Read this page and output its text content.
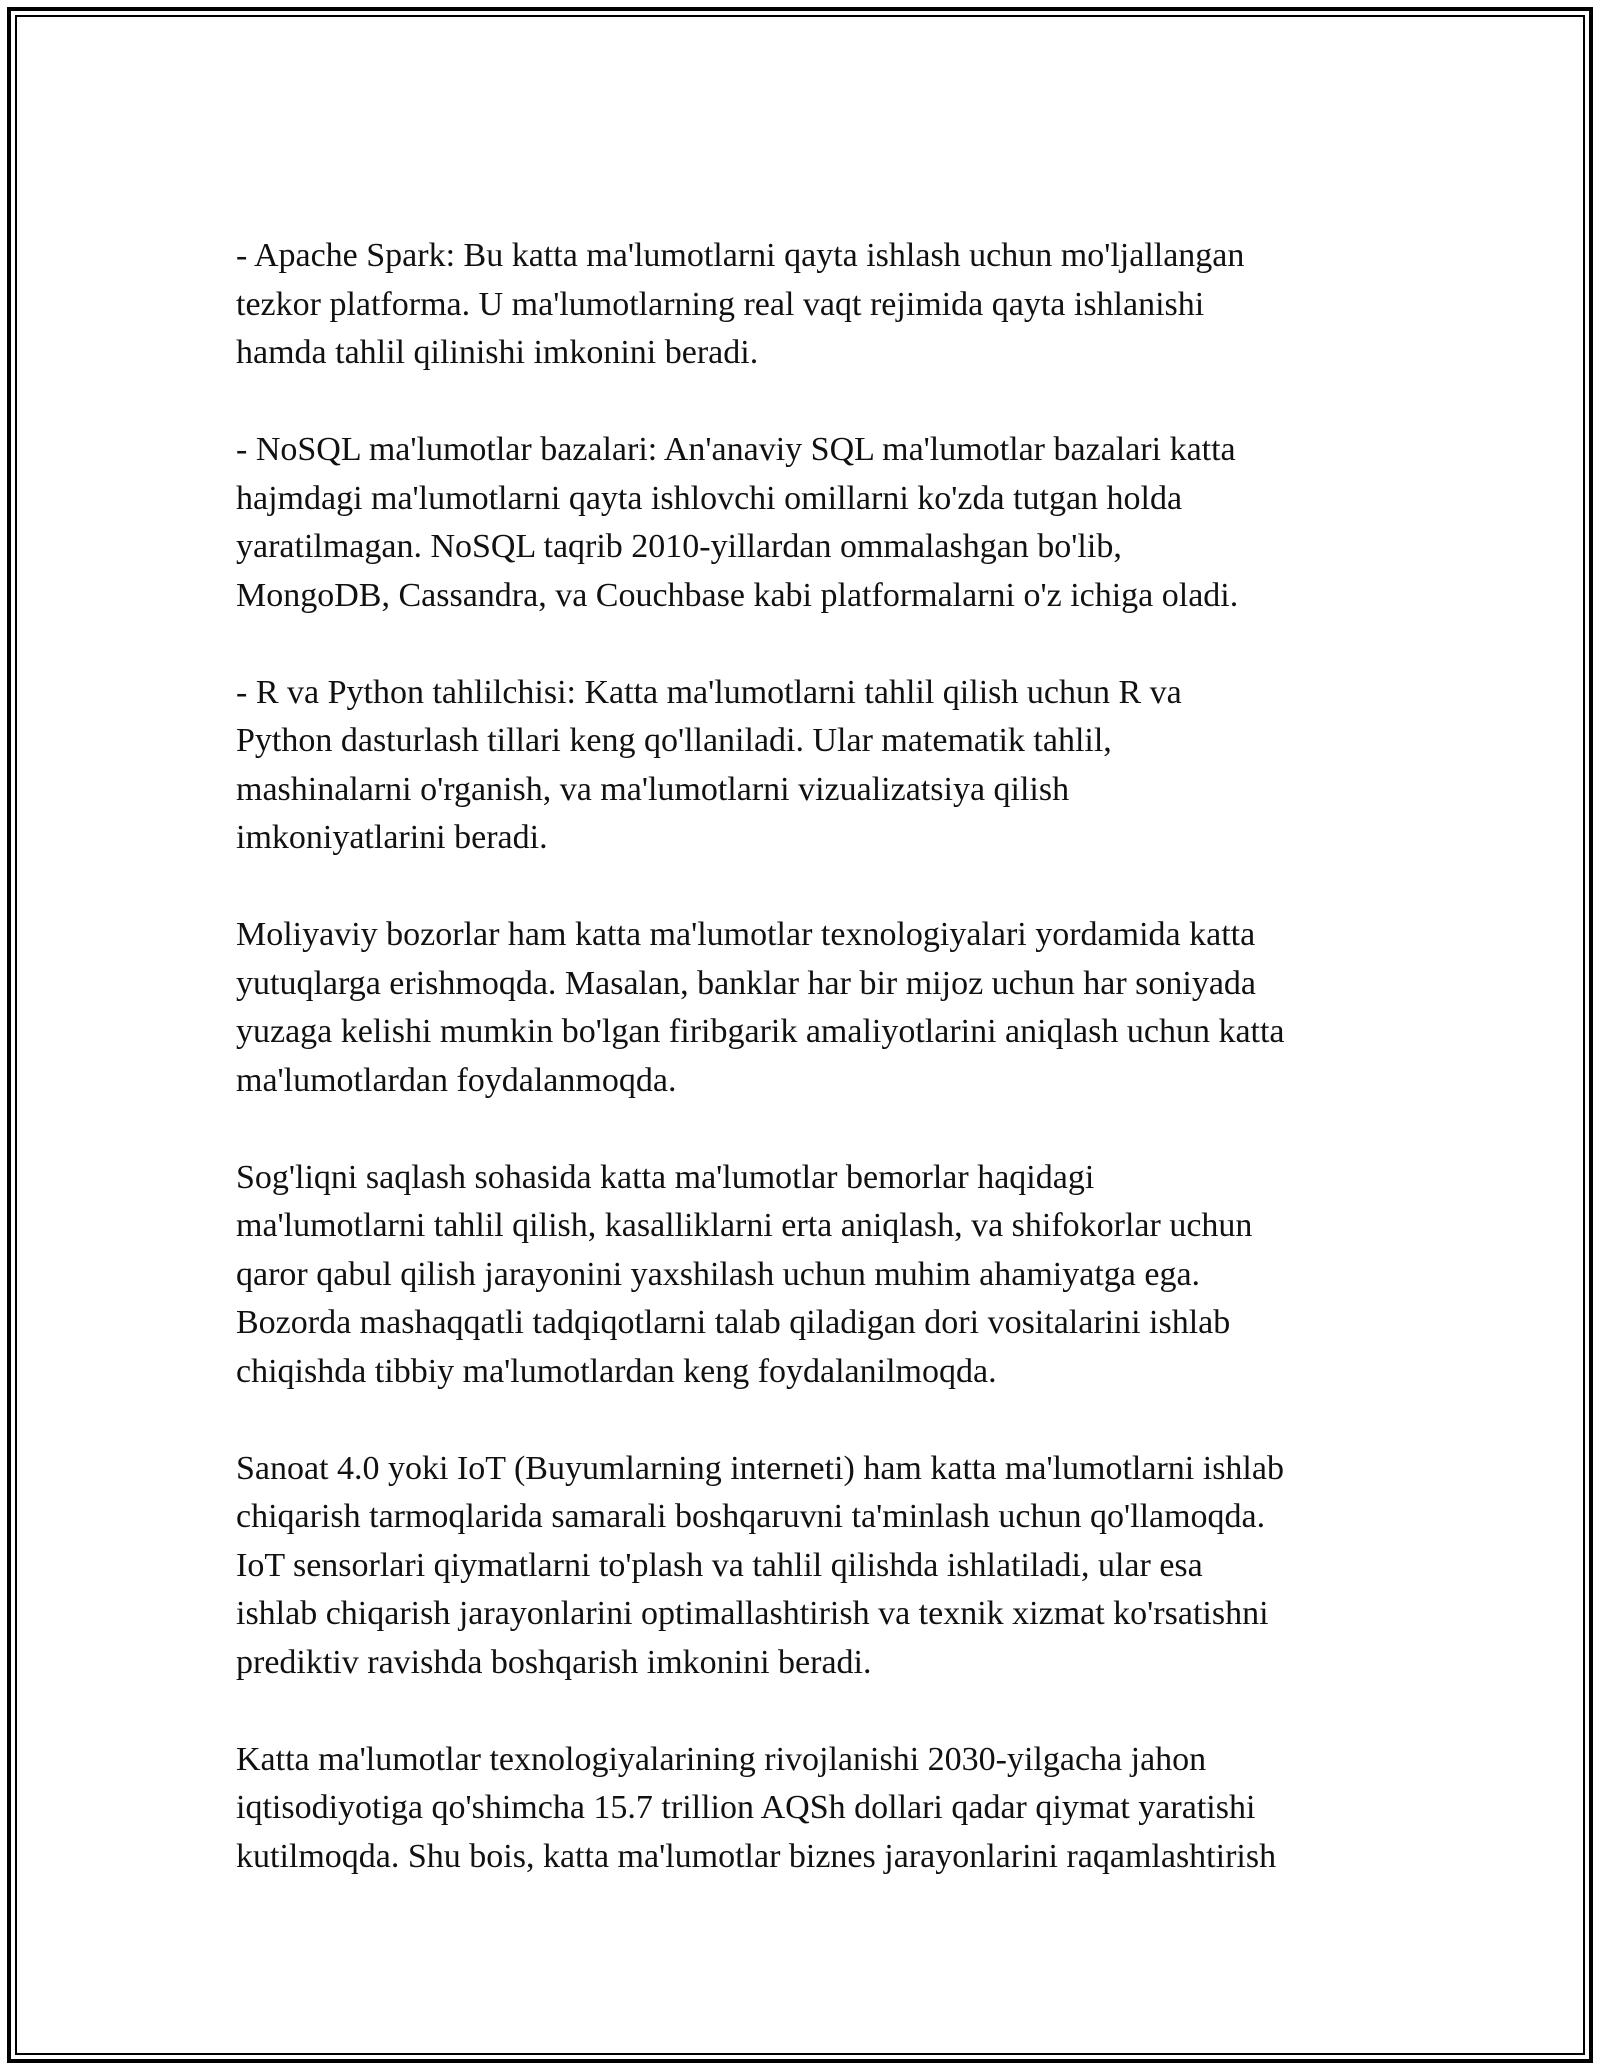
- Apache Spark: Bu katta ma'lumotlarni qayta ishlash uchun mo'ljallangan
tezkor platforma. U ma'lumotlarning real vaqt rejimida qayta ishlanishi
hamda tahlil qilinishi imkonini beradi.

- NoSQL ma'lumotlar bazalari: An'anaviy SQL ma'lumotlar bazalari katta
hajmdagi ma'lumotlarni qayta ishlovchi omillarni ko'zda tutgan holda
yaratilmagan. NoSQL taqrib 2010-yillardan ommalashgan bo'lib,
MongoDB, Cassandra, va Couchbase kabi platformalarni o'z ichiga oladi.

- R va Python tahlilchisi: Katta ma'lumotlarni tahlil qilish uchun R va
Python dasturlash tillari keng qo'llaniladi. Ular matematik tahlil,
mashinalarni o'rganish, va ma'lumotlarni vizualizatsiya qilish
imkoniyatlarini beradi.

Moliyaviy bozorlar ham katta ma'lumotlar texnologiyalari yordamida katta
yutuqlarga erishmoqda. Masalan, banklar har bir mijoz uchun har soniyada
yuzaga kelishi mumkin bo'lgan firibgarik amaliyotlarini aniqlash uchun katta
ma'lumotlardan foydalanmoqda.

Sog'liqni saqlash sohasida katta ma'lumotlar bemorlar haqidagi
ma'lumotlarni tahlil qilish, kasalliklarni erta aniqlash, va shifokorlar uchun
qaror qabul qilish jarayonini yaxshilash uchun muhim ahamiyatga ega.
Bozorda mashaqqatli tadqiqotlarni talab qiladigan dori vositalarini ishlab
chiqishda tibbiy ma'lumotlardan keng foydalanilmoqda.

Sanoat 4.0 yoki IoT (Buyumlarning interneti) ham katta ma'lumotlarni ishlab
chiqarish tarmoqlarida samarali boshqaruvni ta'minlash uchun qo'llamoqda.
IoT sensorlari qiymatlarni to'plash va tahlil qilishda ishlatiladi, ular esa
ishlab chiqarish jarayonlarini optimallashtirish va texnik xizmat ko'rsatishni
prediktiv ravishda boshqarish imkonini beradi.

Katta ma'lumotlar texnologiyalarining rivojlanishi 2030-yilgacha jahon
iqtisodiyotiga qo'shimcha 15.7 trillion AQSh dollari qadar qiymat yaratishi
kutilmoqda. Shu bois, katta ma'lumotlar biznes jarayonlarini raqamlashtirish
